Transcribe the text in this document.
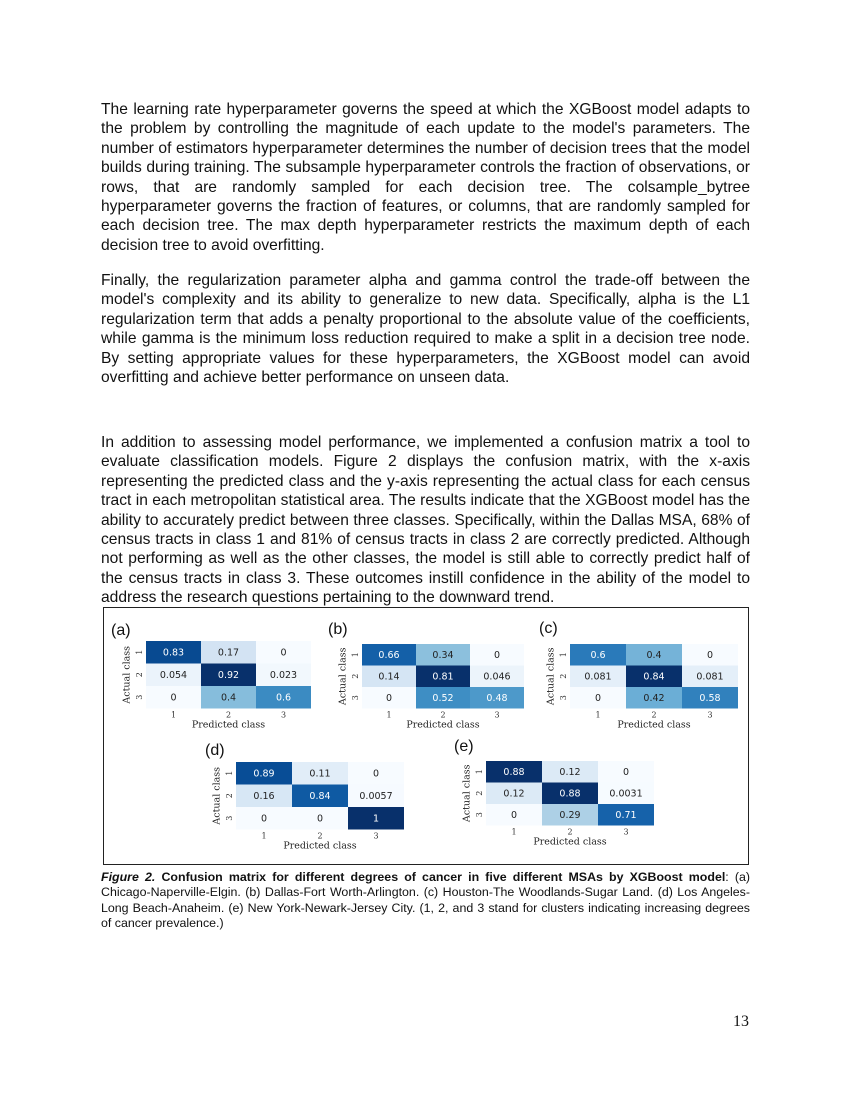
The learning rate hyperparameter governs the speed at which the XGBoost model adapts to the problem by controlling the magnitude of each update to the model's parameters. The number of estimators hyperparameter determines the number of decision trees that the model builds during training. The subsample hyperparameter controls the fraction of observations, or rows, that are randomly sampled for each decision tree. The colsample_bytree hyperparameter governs the fraction of features, or columns, that are randomly sampled for each decision tree. The max depth hyperparameter restricts the maximum depth of each decision tree to avoid overfitting.

Finally, the regularization parameter alpha and gamma control the trade-off between the model's complexity and its ability to generalize to new data. Specifically, alpha is the L1 regularization term that adds a penalty proportional to the absolute value of the coefficients, while gamma is the minimum loss reduction required to make a split in a decision tree node. By setting appropriate values for these hyperparameters, the XGBoost model can avoid overfitting and achieve better performance on unseen data.

In addition to assessing model performance, we implemented a confusion matrix a tool to evaluate classification models. Figure 2 displays the confusion matrix, with the x-axis representing the predicted class and the y-axis representing the actual class for each census tract in each metropolitan statistical area. The results indicate that the XGBoost model has the ability to accurately predict between three classes. Specifically, within the Dallas MSA, 68% of census tracts in class 1 and 81% of census tracts in class 2 are correctly predicted. Although not performing as well as the other classes, the model is still able to correctly predict half of the census tracts in class 3. These outcomes instill confidence in the ability of the model to address the research questions pertaining to the downward trend.

(a)	(b)	(c)
(d)	(e)
0.83	0.17	0
0.054	0.92	0.023
0	0.4	0.6
1	2	3
1
2
3
Predicted class
Actual class	0.66	0.34	0
0.14	0.81	0.046
0	0.52	0.48
1	2	3
1
2
3
Predicted class
Actual class	0.6	0.4	0
0.081	0.84	0.081
0	0.42	0.58
1	2	3
1
2
3
Predicted class
Actual class
0.89	0.11	0
0.16	0.84	0.0057
0	0	1
1	2	3
1
2
3
Predicted class
Actual class	0.88	0.12	0
0.12	0.88	0.0031
0	0.29	0.71
1	2	3
1
2
3
Predicted class
Actual class

Figure 2. Confusion matrix for different degrees of cancer in five different MSAs by XGBoost model: (a) Chicago-Naperville-Elgin. (b) Dallas-Fort Worth-Arlington. (c) Houston-The Woodlands-Sugar Land. (d) Los Angeles-Long Beach-Anaheim. (e) New York-Newark-Jersey City. (1, 2, and 3 stand for clusters indicating increasing degrees of cancer prevalence.)

13
